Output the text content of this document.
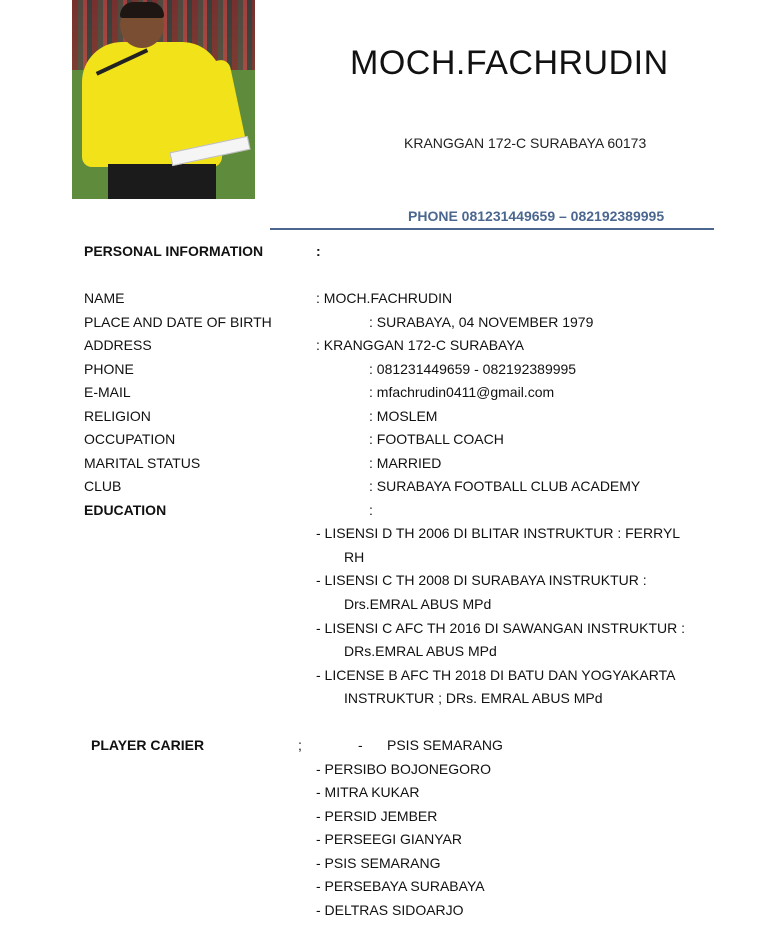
MOCH.FACHRUDIN
KRANGGAN 172-C SURABAYA 60173
PHONE 081231449659 – 082192389995
PERSONAL INFORMATION	:
NAME	: MOCH.FACHRUDIN
PLACE AND DATE OF BIRTH	: SURABAYA, 04 NOVEMBER 1979
ADDRESS	: KRANGGAN 172-C SURABAYA
PHONE	: 081231449659 - 082192389995
E-MAIL	: mfachrudin0411@gmail.com
RELIGION	: MOSLEM
OCCUPATION	: FOOTBALL COACH
MARITAL STATUS	: MARRIED
CLUB	: SURABAYA FOOTBALL CLUB ACADEMY
EDUCATION	:
- LISENSI D TH 2006 DI BLITAR INSTRUKTUR : FERRYL
RH
- LISENSI C TH 2008 DI SURABAYA INSTRUKTUR :
Drs.EMRAL ABUS MPd
- LISENSI C AFC TH 2016 DI SAWANGAN INSTRUKTUR :
DRs.EMRAL ABUS MPd
- LICENSE B AFC TH 2018 DI BATU DAN YOGYAKARTA
INSTRUKTUR ; DRs. EMRAL ABUS MPd
PLAYER CARIER	;	- PSIS SEMARANG
- PERSIBO BOJONEGORO
- MITRA KUKAR
- PERSID JEMBER
- PERSEEGI GIANYAR
- PSIS SEMARANG
- PERSEBAYA SURABAYA
- DELTRAS SIDOARJO
